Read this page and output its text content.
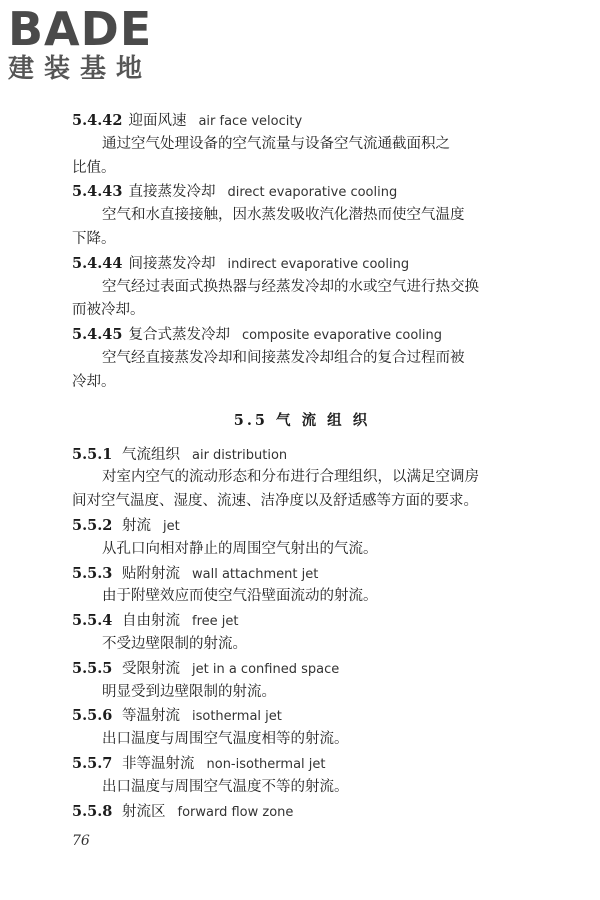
BADE
建装基地
5.4.42 迎面风速 air face velocity
通过空气处理设备的空气流量与设备空气流通截面积之
比值。
5.4.43 直接蒸发冷却 direct evaporative cooling
空气和水直接接触，因水蒸发吸收汽化潜热而使空气温度
下降。
5.4.44 间接蒸发冷却 indirect evaporative cooling
空气经过表面式换热器与经蒸发冷却的水或空气进行热交换
而被冷却。
5.4.45 复合式蒸发冷却 composite evaporative cooling
空气经直接蒸发冷却和间接蒸发冷却组合的复合过程而被
冷却。
5.5 气 流 组 织
5.5.1 气流组织 air distribution
对室内空气的流动形态和分布进行合理组织，以满足空调房
间对空气温度、湿度、流速、洁净度以及舒适感等方面的要求。
5.5.2 射流 jet
从孔口向相对静止的周围空气射出的气流。
5.5.3 贴附射流 wall attachment jet
由于附壁效应而使空气沿壁面流动的射流。
5.5.4 自由射流 free jet
不受边壁限制的射流。
5.5.5 受限射流 jet in a confined space
明显受到边壁限制的射流。
5.5.6 等温射流 isothermal jet
出口温度与周围空气温度相等的射流。
5.5.7 非等温射流 non-isothermal jet
出口温度与周围空气温度不等的射流。
5.5.8 射流区 forward flow zone
76
